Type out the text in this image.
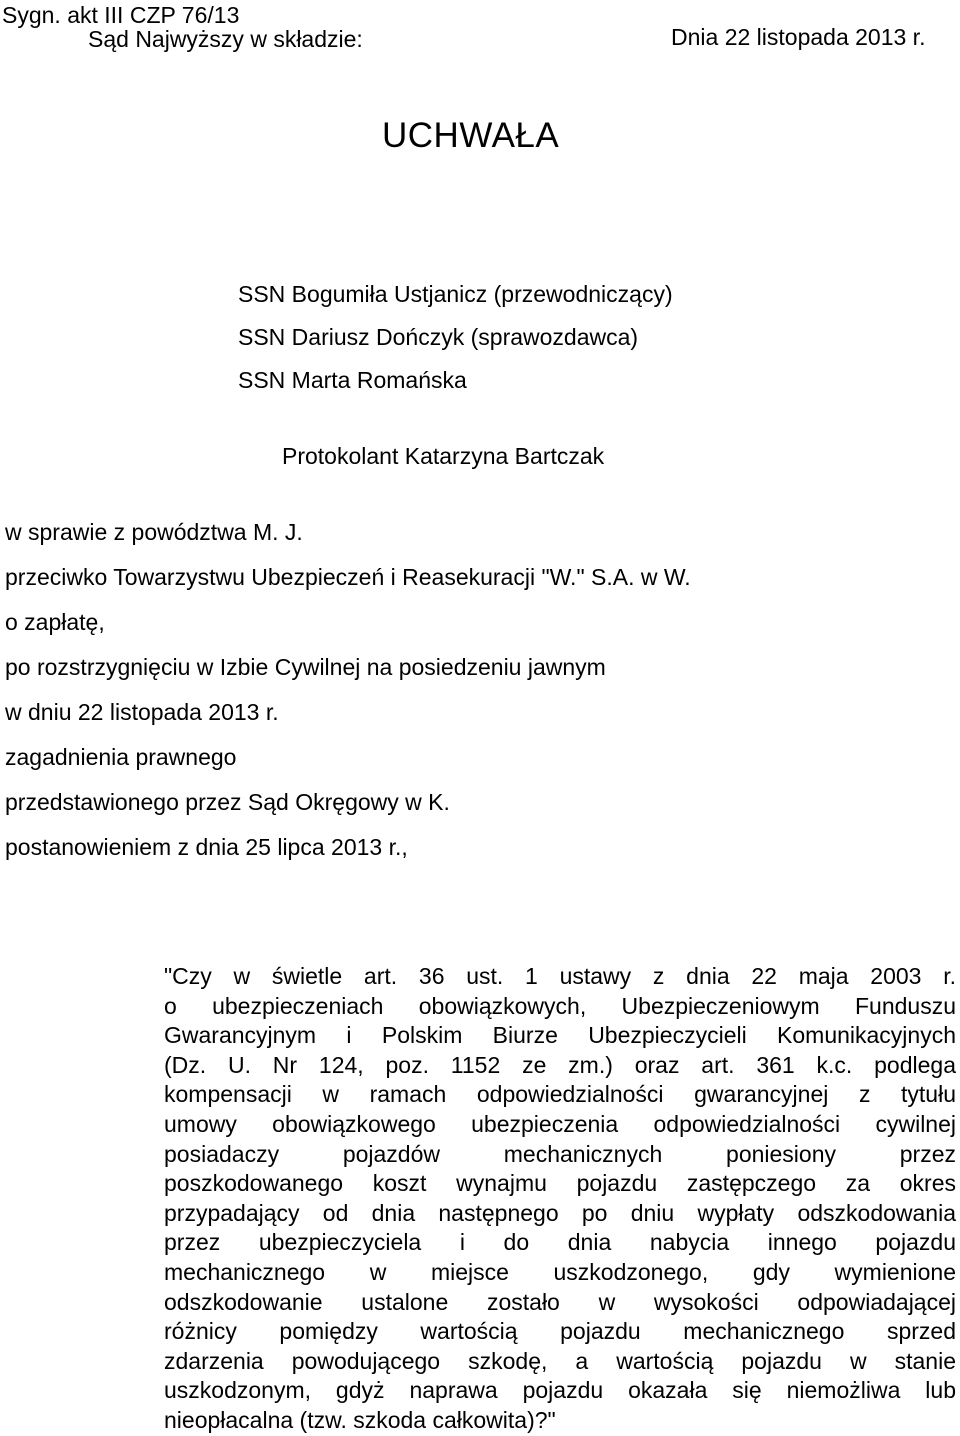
Sygn. akt III CZP 76/13
UCHWAŁA
Dnia 22 listopada 2013 r.
Sąd Najwyższy w składzie:
SSN Bogumiła Ustjanicz (przewodniczący)
SSN Dariusz Dończyk (sprawozdawca)
SSN Marta Romańska
Protokolant Katarzyna Bartczak
w sprawie z powództwa M. J.
przeciwko Towarzystwu Ubezpieczeń i Reasekuracji "W." S.A. w W.
o zapłatę,
po rozstrzygnięciu w Izbie Cywilnej na posiedzeniu jawnym
w dniu 22 listopada 2013 r.
zagadnienia prawnego
przedstawionego przez Sąd Okręgowy w K.
postanowieniem z dnia 25 lipca 2013 r.,
"Czy w świetle art. 36 ust. 1 ustawy z dnia 22 maja 2003 r.
o ubezpieczeniach obowiązkowych, Ubezpieczeniowym Funduszu
Gwarancyjnym i Polskim Biurze Ubezpieczycieli Komunikacyjnych
(Dz. U. Nr 124, poz. 1152 ze zm.) oraz art. 361 k.c. podlega
kompensacji w ramach odpowiedzialności gwarancyjnej z tytułu
umowy obowiązkowego ubezpieczenia odpowiedzialności cywilnej
posiadaczy pojazdów mechanicznych poniesiony przez
poszkodowanego koszt wynajmu pojazdu zastępczego za okres
przypadający od dnia następnego po dniu wypłaty odszkodowania
przez ubezpieczyciela i do dnia nabycia innego pojazdu
mechanicznego w miejsce uszkodzonego, gdy wymienione
odszkodowanie ustalone zostało w wysokości odpowiadającej
różnicy pomiędzy wartością pojazdu mechanicznego sprzed
zdarzenia powodującego szkodę, a wartością pojazdu w stanie
uszkodzonym, gdyż naprawa pojazdu okazała się niemożliwa lub
nieopłacalna (tzw. szkoda całkowita)?"
